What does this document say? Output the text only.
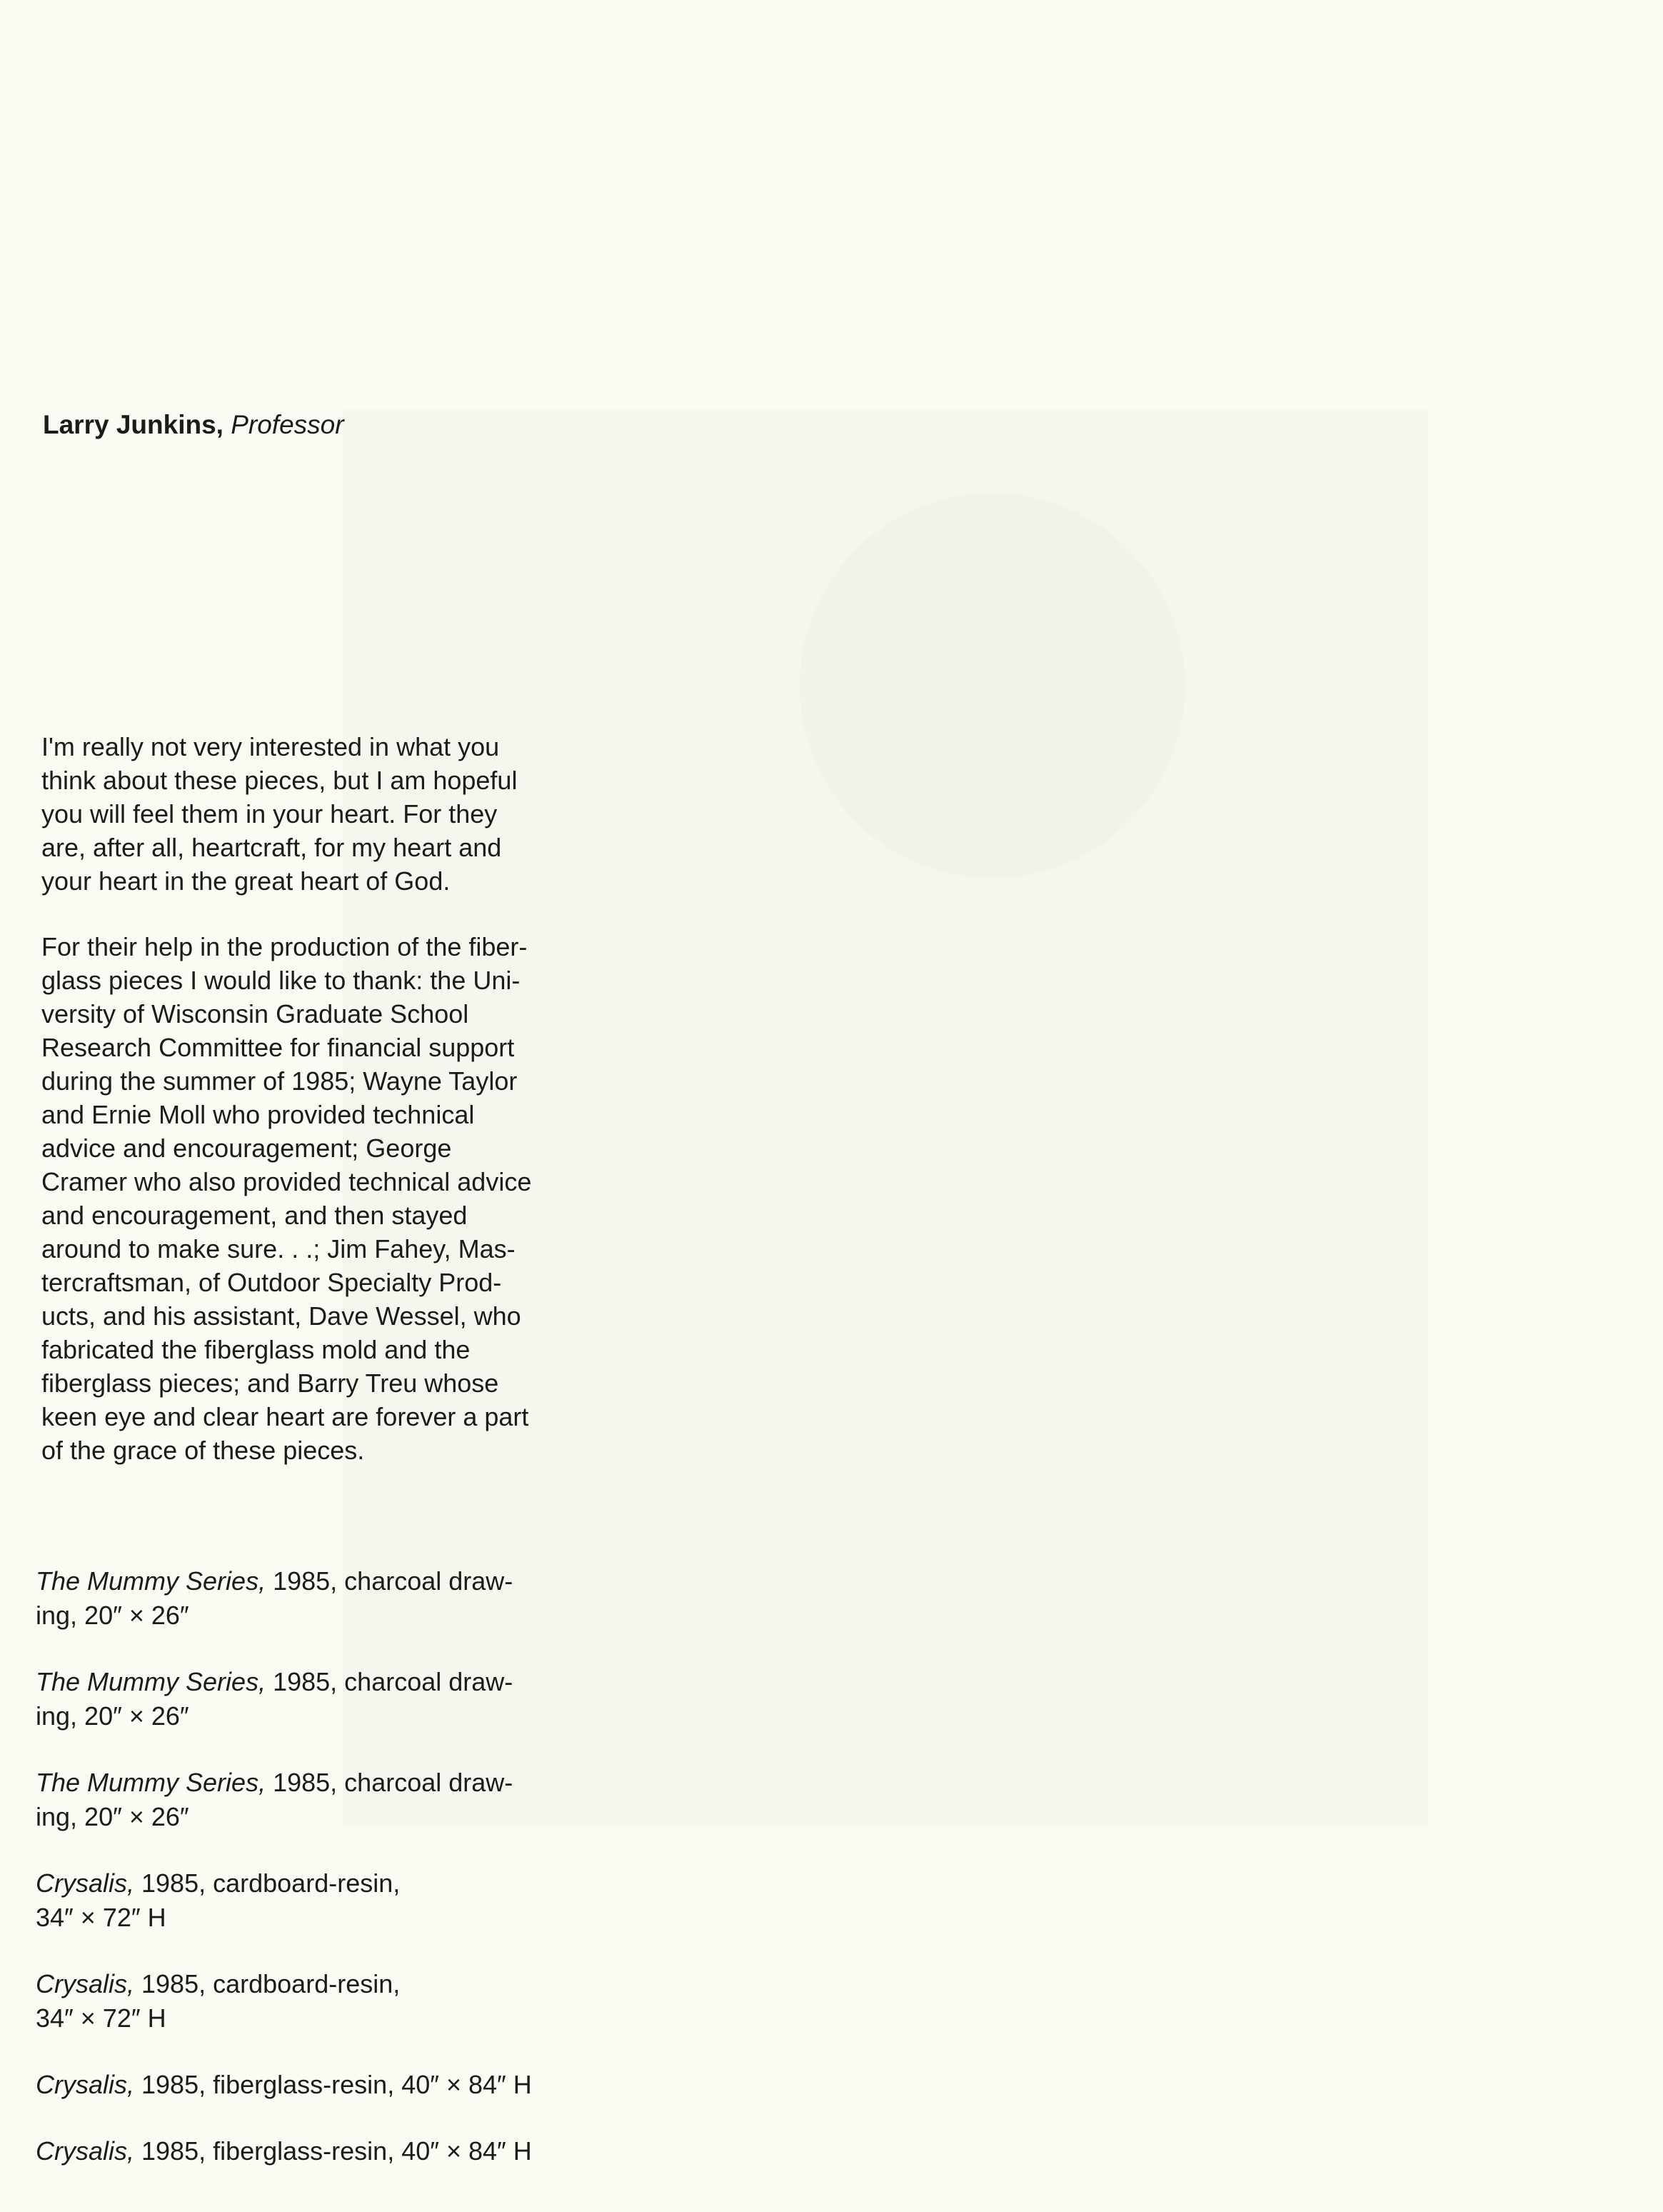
Larry Junkins, Professor

I'm really not very interested in what you
think about these pieces, but I am hopeful
you will feel them in your heart. For they
are, after all, heartcraft, for my heart and
your heart in the great heart of God.

For their help in the production of the fiber-
glass pieces I would like to thank: the Uni-
versity of Wisconsin Graduate School
Research Committee for financial support
during the summer of 1985; Wayne Taylor
and Ernie Moll who provided technical
advice and encouragement; George
Cramer who also provided technical advice
and encouragement, and then stayed
around to make sure. . .; Jim Fahey, Mas-
tercraftsman, of Outdoor Specialty Prod-
ucts, and his assistant, Dave Wessel, who
fabricated the fiberglass mold and the
fiberglass pieces; and Barry Treu whose
keen eye and clear heart are forever a part
of the grace of these pieces.

The Mummy Series, 1985, charcoal draw-
ing, 20″ × 26″
The Mummy Series, 1985, charcoal draw-
ing, 20″ × 26″
The Mummy Series, 1985, charcoal draw-
ing, 20″ × 26″
Crysalis, 1985, cardboard-resin,
34″ × 72″ H
Crysalis, 1985, cardboard-resin,
34″ × 72″ H
Crysalis, 1985, fiberglass-resin, 40″ × 84″ H
Crysalis, 1985, fiberglass-resin, 40″ × 84″ H
